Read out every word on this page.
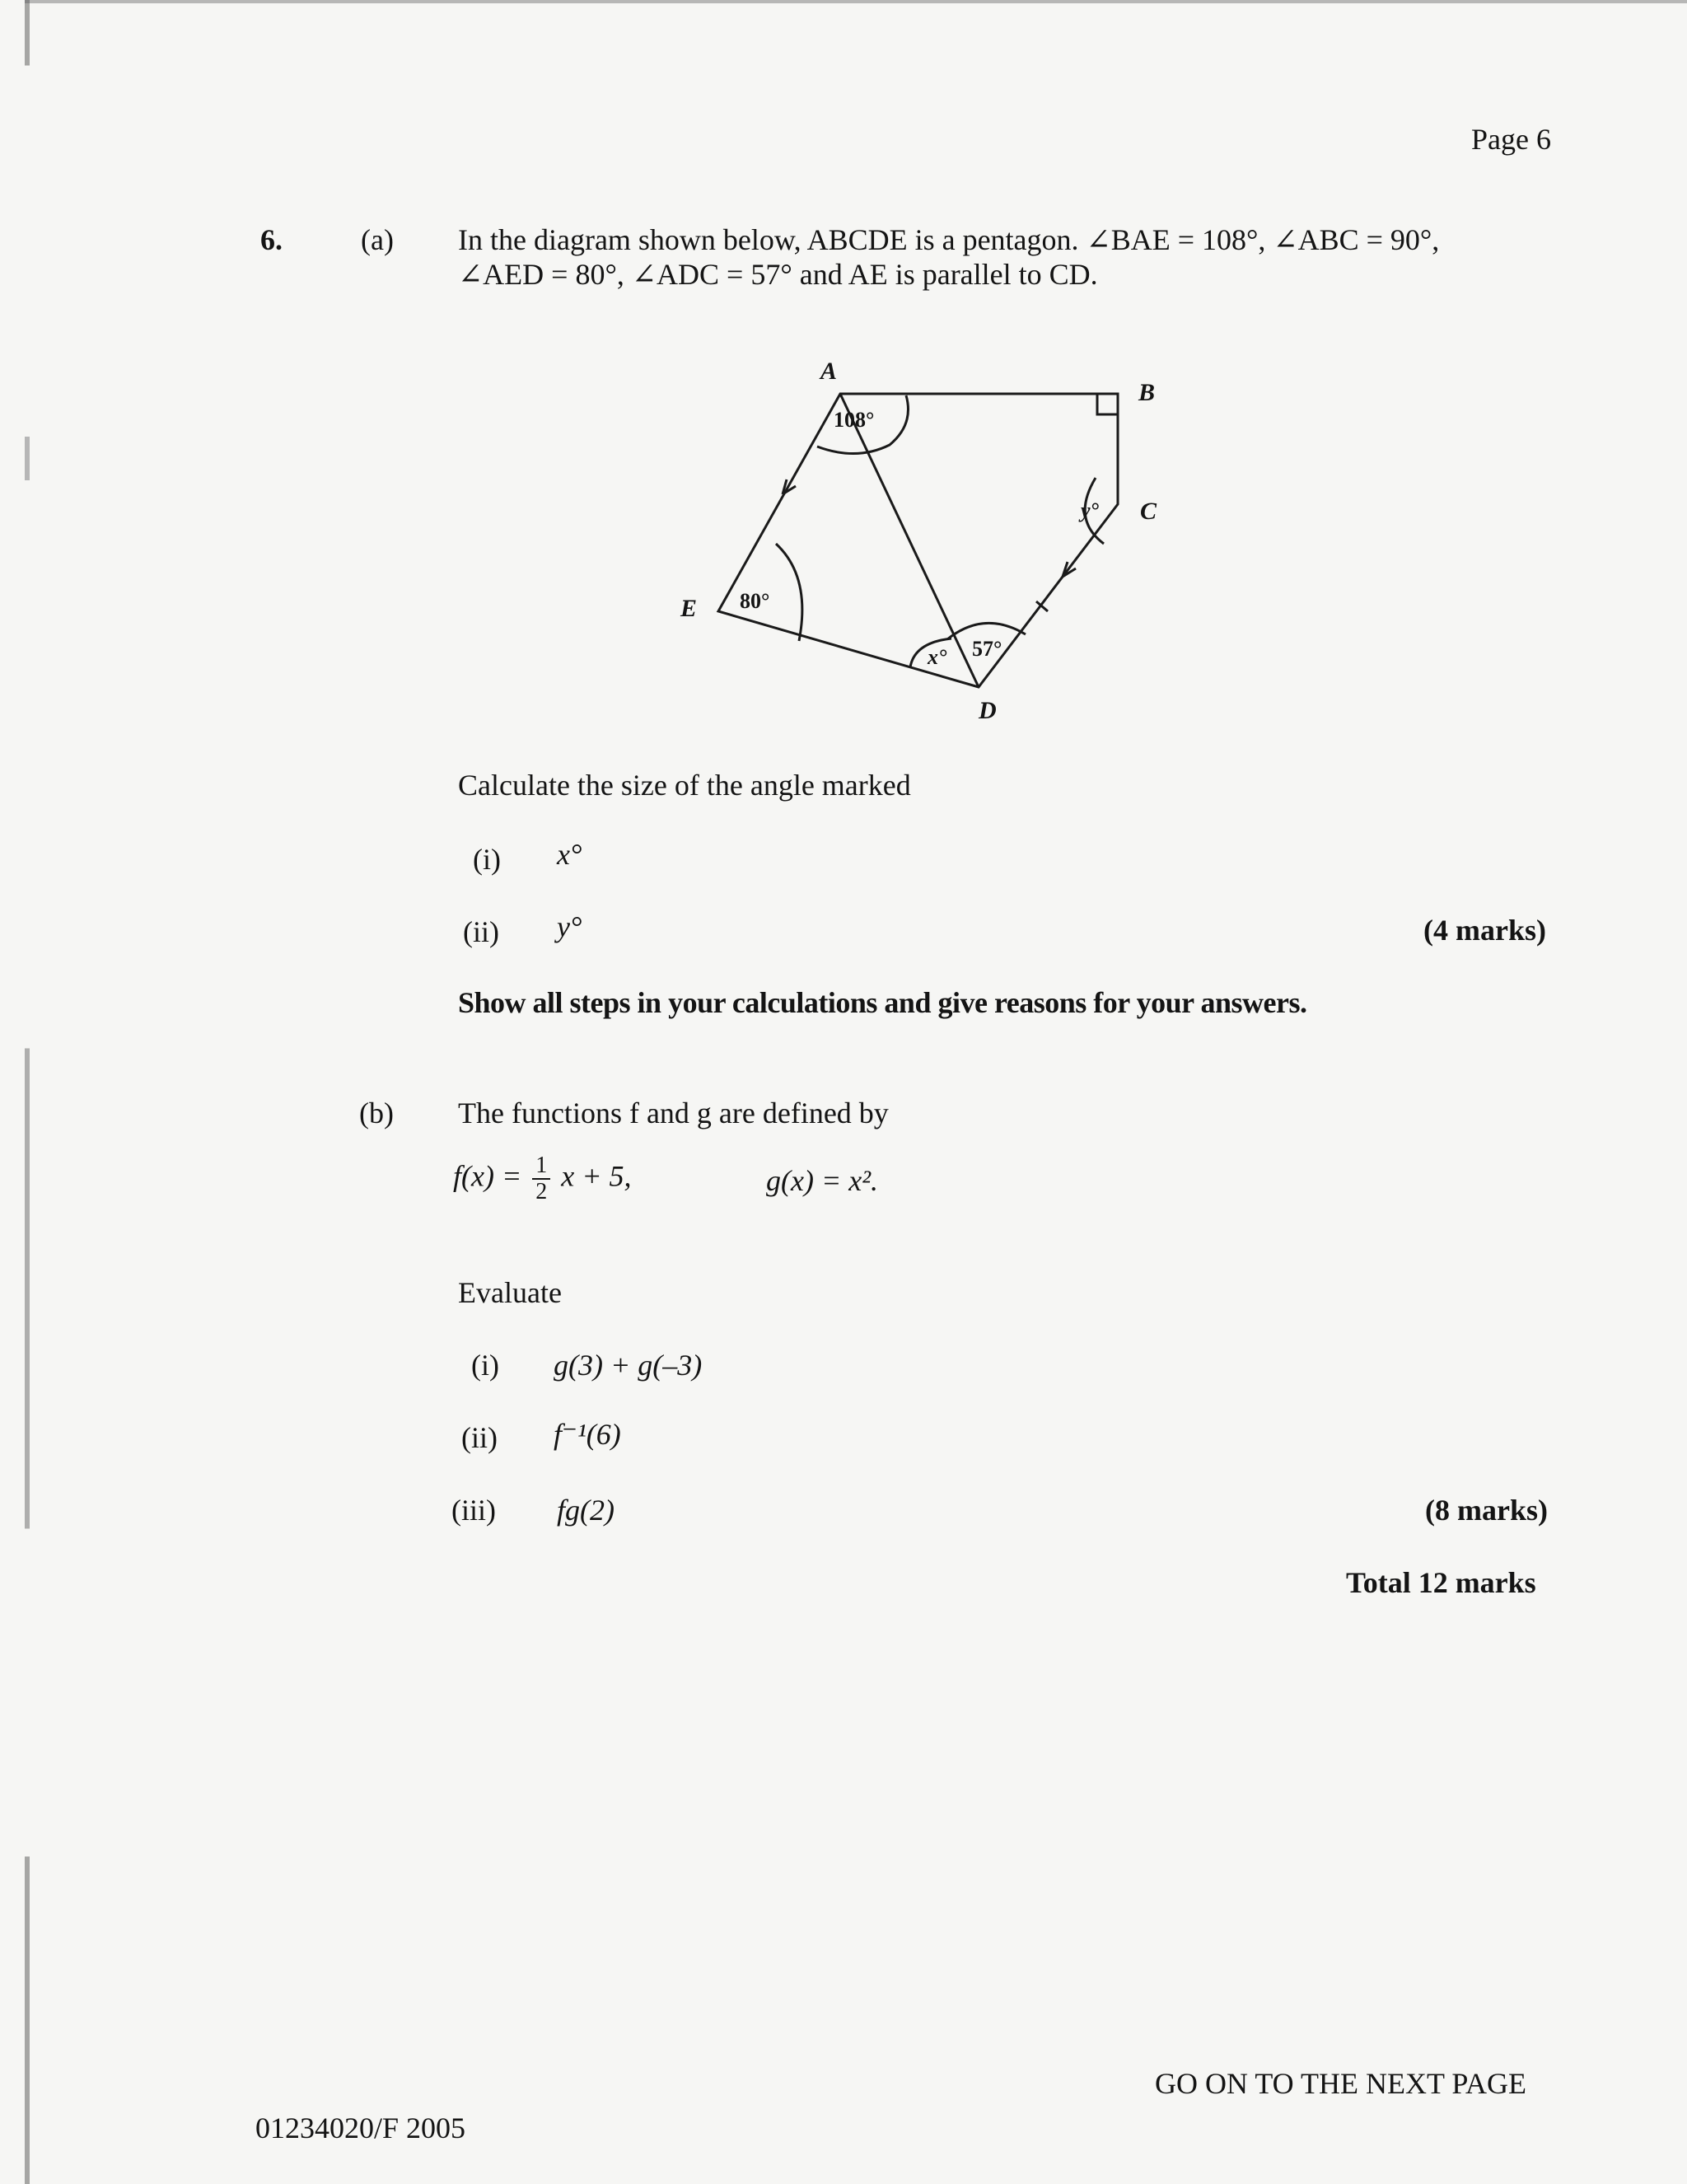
Page 6
6.	(a) In the diagram shown below, ABCDE is a pentagon. ∠BAE = 108°, ∠ABC = 90°,
∠AED = 80°, ∠ADC = 57° and AE is parallel to CD.
A
B
C
D
E
108°
80°
x° 57°
y°
Calculate the size of the angle marked
(i) x°
(ii) y°	(4 marks)
Show all steps in your calculations and give reasons for your answers.
(b) The functions f and g are defined by
$f(x) = \frac{1}{2}$ x + 5,	g(x) = x².
Evaluate
(i) g(3) + g(–3)
(ii) f⁻¹(6)
(iii) fg(2)	(8 marks)
Total 12 marks
GO ON TO THE NEXT PAGE
01234020/F 2005
